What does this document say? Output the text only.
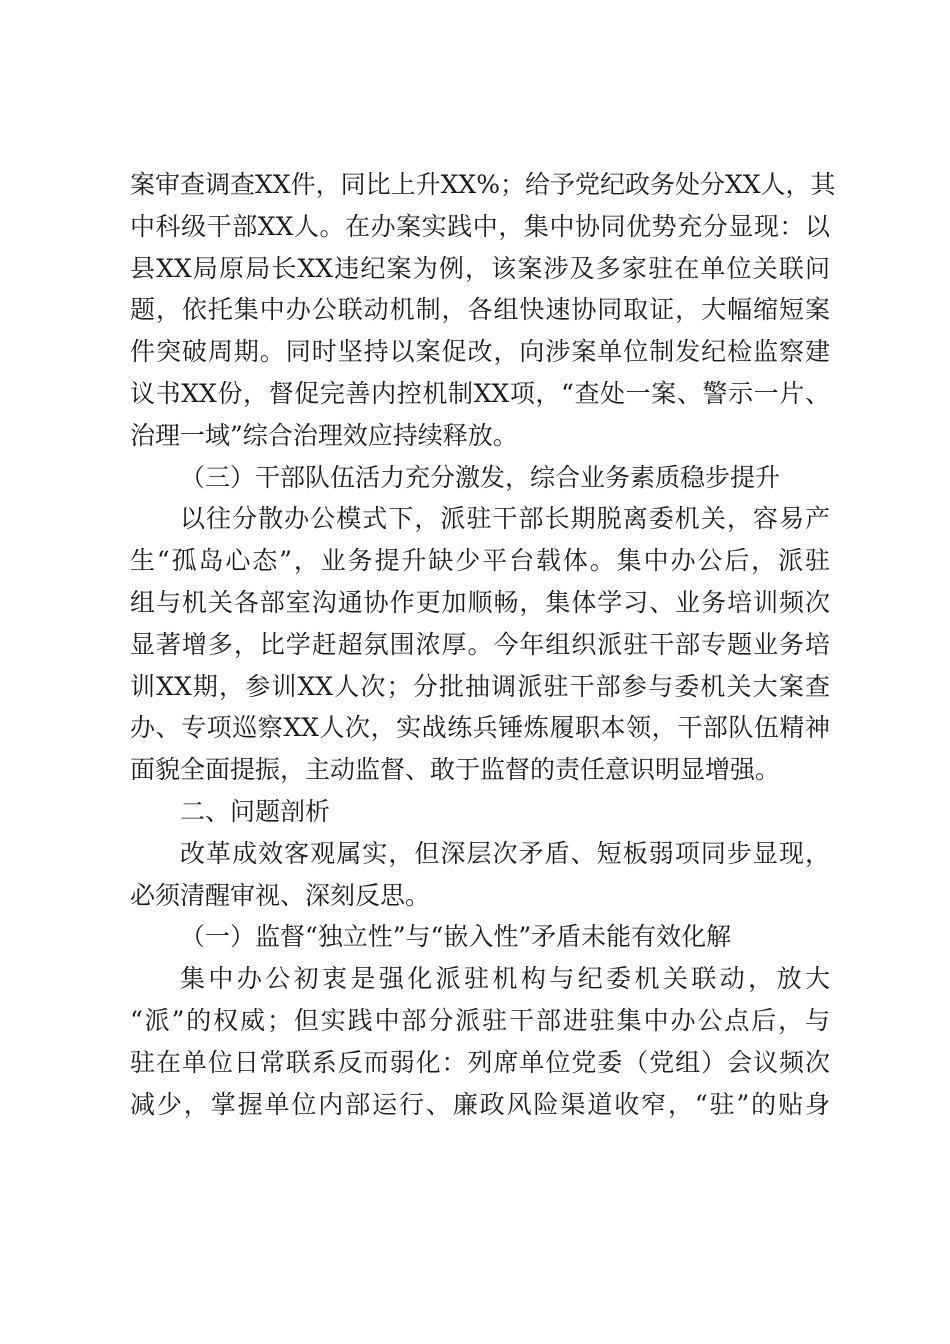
案审查调查XX件，同比上升XX%；给予党纪政务处分XX人，其
中科级干部XX人。在办案实践中，集中协同优势充分显现：以
县XX局原局长XX违纪案为例，该案涉及多家驻在单位关联问
题，依托集中办公联动机制，各组快速协同取证，大幅缩短案
件突破周期。同时坚持以案促改，向涉案单位制发纪检监察建
议书XX份，督促完善内控机制XX项，“查处一案、警示一片、
治理一域”综合治理效应持续释放。
（三）干部队伍活力充分激发，综合业务素质稳步提升
以往分散办公模式下，派驻干部长期脱离委机关，容易产
生“孤岛心态”，业务提升缺少平台载体。集中办公后，派驻
组与机关各部室沟通协作更加顺畅，集体学习、业务培训频次
显著增多，比学赶超氛围浓厚。今年组织派驻干部专题业务培
训XX期，参训XX人次；分批抽调派驻干部参与委机关大案查
办、专项巡察XX人次，实战练兵锤炼履职本领，干部队伍精神
面貌全面提振，主动监督、敢于监督的责任意识明显增强。
二、问题剖析
改革成效客观属实，但深层次矛盾、短板弱项同步显现，
必须清醒审视、深刻反思。
（一）监督“独立性”与“嵌入性”矛盾未能有效化解
集中办公初衷是强化派驻机构与纪委机关联动，放大
“派”的权威；但实践中部分派驻干部进驻集中办公点后，与
驻在单位日常联系反而弱化：列席单位党委（党组）会议频次
减少，掌握单位内部运行、廉政风险渠道收窄，“驻”的贴身
